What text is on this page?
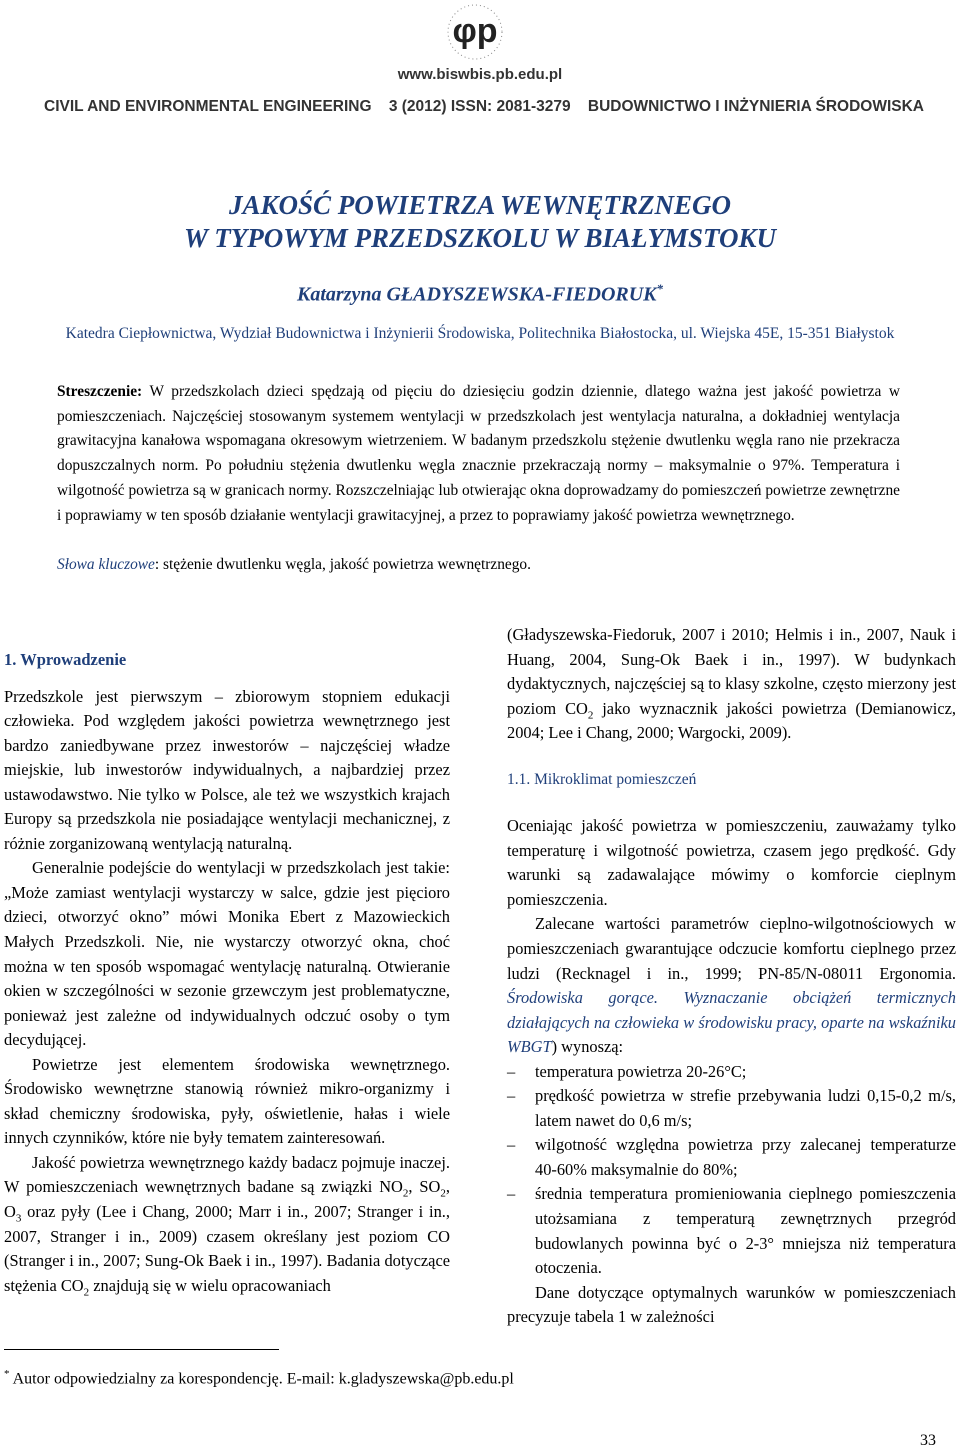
φp
www.biswbis.pb.edu.pl
CIVIL AND ENVIRONMENTAL ENGINEERING 3 (2012) ISSN: 2081-3279 BUDOWNICTWO I INŻYNIERIA ŚRODOWISKA
JAKOŚĆ POWIETRZA WEWNĘTRZNEGO
W TYPOWYM PRZEDSZKOLU W BIAŁYMSTOKU
Katarzyna GŁADYSZEWSKA-FIEDORUK*
Katedra Ciepłownictwa, Wydział Budownictwa i Inżynierii Środowiska, Politechnika Białostocka, ul. Wiejska 45E, 15-351 Białystok
Streszczenie: W przedszkolach dzieci spędzają od pięciu do dziesięciu godzin dziennie, dlatego ważna jest jakość powietrza w pomieszczeniach. Najczęściej stosowanym systemem wentylacji w przedszkolach jest wentylacja naturalna, a dokładniej wentylacja grawitacyjna kanałowa wspomagana okresowym wietrzeniem. W badanym przedszkolu stężenie dwutlenku węgla rano nie przekracza dopuszczalnych norm. Po południu stężenia dwutlenku węgla znacznie przekraczają normy – maksymalnie o 97%. Temperatura i wilgotność powietrza są w granicach normy. Rozszczelniając lub otwierając okna doprowadzamy do pomieszczeń powietrze zewnętrzne i poprawiamy w ten sposób działanie wentylacji grawitacyjnej, a przez to poprawiamy jakość powietrza wewnętrznego.
Słowa kluczowe: stężenie dwutlenku węgla, jakość powietrza wewnętrznego.
1. Wprowadzenie

Przedszkole jest pierwszym – zbiorowym stopniem edukacji człowieka. Pod względem jakości powietrza wewnętrznego jest bardzo zaniedbywane przez inwestorów – najczęściej władze miejskie, lub inwestorów indywidualnych, a najbardziej przez ustawodawstwo. Nie tylko w Polsce, ale też we wszystkich krajach Europy są przedszkola nie posiadające wentylacji mechanicznej, z różnie zorganizowaną wentylacją naturalną.

Generalnie podejście do wentylacji w przedszkolach jest takie: „Może zamiast wentylacji wystarczy w salce, gdzie jest pięcioro dzieci, otworzyć okno” mówi Monika Ebert z Mazowieckich Małych Przedszkoli. Nie, nie wystarczy otworzyć okna, choć można w ten sposób wspomagać wentylację naturalną. Otwieranie okien w szczególności w sezonie grzewczym jest problematyczne, ponieważ jest zależne od indywidualnych odczuć osoby o tym decydującej.

Powietrze jest elementem środowiska wewnętrznego. Środowisko wewnętrzne stanowią również mikro-organizmy i skład chemiczny środowiska, pyły, oświetlenie, hałas i wiele innych czynników, które nie były tematem zainteresowań.

Jakość powietrza wewnętrznego każdy badacz pojmuje inaczej. W pomieszczeniach wewnętrznych badane są związki $NO_2$, $SO_2$, $O_3$ oraz pyły (Lee i Chang, 2000; Marr i in., 2007; Stranger i in., 2007, Stranger i in., 2009) czasem określany jest poziom CO (Stranger i in., 2007; Sung-Ok Baek i in., 1997). Badania dotyczące stężenia $CO_2$ znajdują się w wielu opracowaniach

(Gładyszewska-Fiedoruk, 2007 i 2010; Helmis i in., 2007, Nauk i Huang, 2004, Sung-Ok Baek i in., 1997). W budynkach dydaktycznych, najczęściej są to klasy szkolne, często mierzony jest poziom $CO_2$ jako wyznacznik jakości powietrza (Demianowicz, 2004; Lee i Chang, 2000; Wargocki, 2009).

1.1. Mikroklimat pomieszczeń

Oceniając jakość powietrza w pomieszczeniu, zauważamy tylko temperaturę i wilgotność powietrza, czasem jego prędkość. Gdy warunki są zadawalające mówimy o komforcie cieplnym pomieszczenia.

Zalecane wartości parametrów cieplno-wilgotnościowych w pomieszczeniach gwarantujące odczucie komfortu cieplnego przez ludzi (Recknagel i in., 1999; PN-85/N-08011 Ergonomia. Środowiska gorące. Wyznaczanie obciążeń termicznych działających na człowieka w środowisku pracy, oparte na wskaźniku WBGT) wynoszą:

– temperatura powietrza 20-26°C;
– prędkość powietrza w strefie przebywania ludzi 0,15-0,2 m/s, latem nawet do 0,6 m/s;
– wilgotność względna powietrza przy zalecanej temperaturze 40-60% maksymalnie do 80%;
– średnia temperatura promieniowania cieplnego pomieszczenia utożsamiana z temperaturą zewnętrznych przegród budowlanych powinna być o 2-3° mniejsza niż temperatura otoczenia.

Dane dotyczące optymalnych warunków w pomieszczeniach precyzuje tabela 1 w zależności

* Autor odpowiedzialny za korespondencję. E-mail: k.gladyszewska@pb.edu.pl
33
